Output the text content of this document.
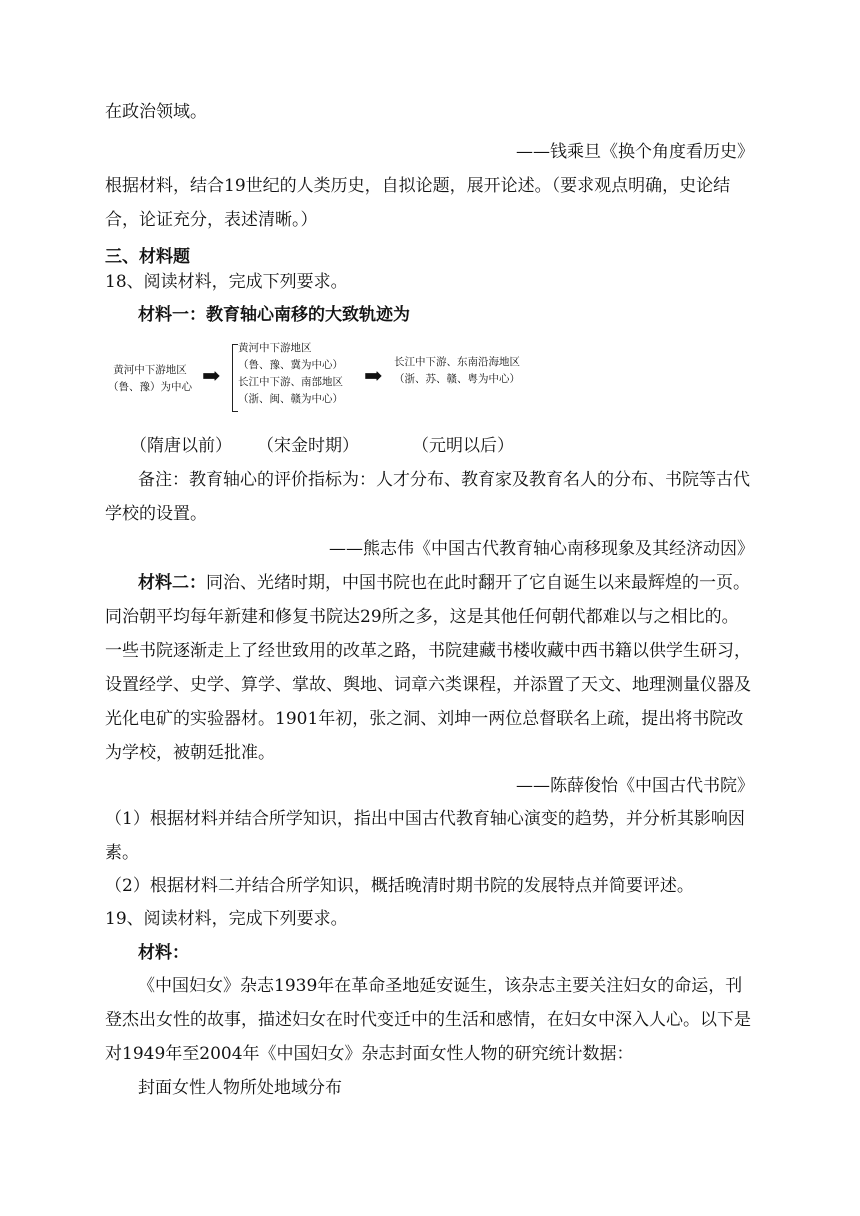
在政治领域。
——钱乘旦《换个角度看历史》
根据材料，结合19世纪的人类历史，自拟论题，展开论述。（要求观点明确，史论结
合，论证充分，表述清晰。）
三、材料题
18、阅读材料，完成下列要求。
材料一：教育轴心南移的大致轨迹为
黄河中下游地区
（鲁、豫）为中心 ➡
黄河中下游地区
（鲁、豫、冀为中心）
长江中下游、南部地区
（浙、闽、赣为中心）
➡
长江中下游、东南沿海地区
（浙、苏、赣、粤为中心）
（隋唐以前） （宋金时期）	（元明以后）
备注：教育轴心的评价指标为：人才分布、教育家及教育名人的分布、书院等古代
学校的设置。
——熊志伟《中国古代教育轴心南移现象及其经济动因》
材料二：同治、光绪时期，中国书院也在此时翻开了它自诞生以来最辉煌的一页。
同治朝平均每年新建和修复书院达29所之多，这是其他任何朝代都难以与之相比的。
一些书院逐渐走上了经世致用的改革之路，书院建藏书楼收藏中西书籍以供学生研习，
设置经学、史学、算学、掌故、舆地、词章六类课程，并添置了天文、地理测量仪器及
光化电矿的实验器材。1901年初，张之洞、刘坤一两位总督联名上疏，提出将书院改
为学校，被朝廷批准。
——陈薛俊怡《中国古代书院》
（1）根据材料并结合所学知识，指出中国古代教育轴心演变的趋势，并分析其影响因
素。
（2）根据材料二并结合所学知识，概括晚清时期书院的发展特点并简要评述。
19、阅读材料，完成下列要求。
材料：
《中国妇女》杂志1939年在革命圣地延安诞生，该杂志主要关注妇女的命运，刊
登杰出女性的故事，描述妇女在时代变迁中的生活和感情，在妇女中深入人心。以下是
对1949年至2004年《中国妇女》杂志封面女性人物的研究统计数据：
封面女性人物所处地域分布
